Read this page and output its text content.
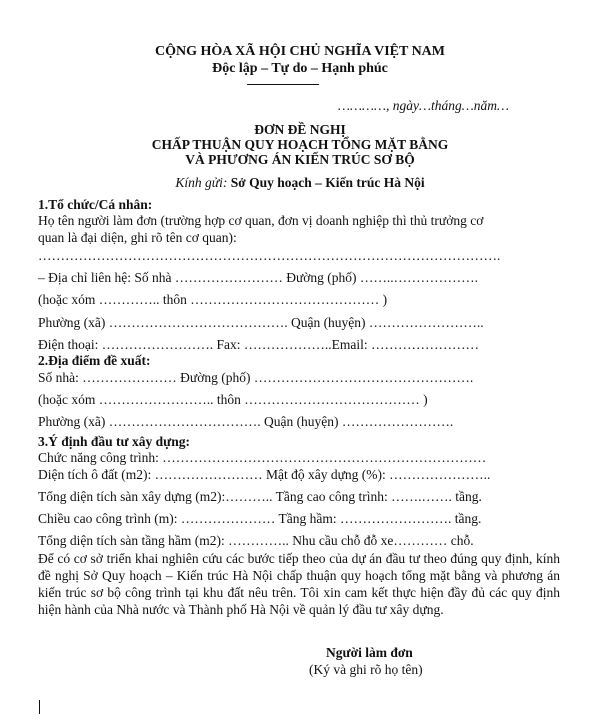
CỘNG HÒA XÃ HỘI CHỦ NGHĨA VIỆT NAM
Độc lập – Tự do – Hạnh phúc
…………, ngày…tháng…năm…
ĐƠN ĐỀ NGHỊ
CHẤP THUẬN QUY HOẠCH TỔNG MẶT BẰNG
VÀ PHƯƠNG ÁN KIẾN TRÚC SƠ BỘ
Kính gửi: Sở Quy hoạch – Kiến trúc Hà Nội
1.Tổ chức/Cá nhân:
Họ tên người làm đơn (trường hợp cơ quan, đơn vị doanh nghiệp thì thủ trưởng cơ
quan là đại diện, ghi rõ tên cơ quan):
………………………………………………………………………………………….
– Địa chỉ liên hệ: Số nhà …………………… Đường (phố) ……..……………….
(hoặc xóm ………….. thôn …………………………………… )
Phường (xã) …………………………………. Quận (huyện) ……………………..
Điện thoại: ……………………. Fax: ………………..Email: ……………………
2.Địa điểm đề xuất:
Số nhà: ………………… Đường (phố) ………………………………………….
(hoặc xóm …………………….. thôn ………………………………… )
Phường (xã) ……………………………. Quận (huyện) …………………….
3.Ý định đầu tư xây dựng:
Chức năng công trình: ………………………………………………………………
Diện tích ô đất (m2): …………………… Mật độ xây dựng (%): …………………..
Tổng diện tích sàn xây dựng (m2):……….. Tầng cao công trình: …….……. tầng.
Chiều cao công trình (m): ………………… Tầng hầm: ……………………. tầng.
Tổng diện tích sàn tầng hầm (m2): ………….. Nhu cầu chỗ đỗ xe………… chỗ.
Để có cơ sở triển khai nghiên cứu các bước tiếp theo của dự án đầu tư theo đúng quy định, kính đề nghị Sở Quy hoạch – Kiến trúc Hà Nội chấp thuận quy hoạch tổng mặt bằng và phương án kiến trúc sơ bộ công trình tại khu đất nêu trên. Tôi xin cam kết thực hiện đầy đủ các quy định hiện hành của Nhà nước và Thành phố Hà Nội về quản lý đầu tư xây dựng.
Người làm đơn
(Ký và ghi rõ họ tên)
